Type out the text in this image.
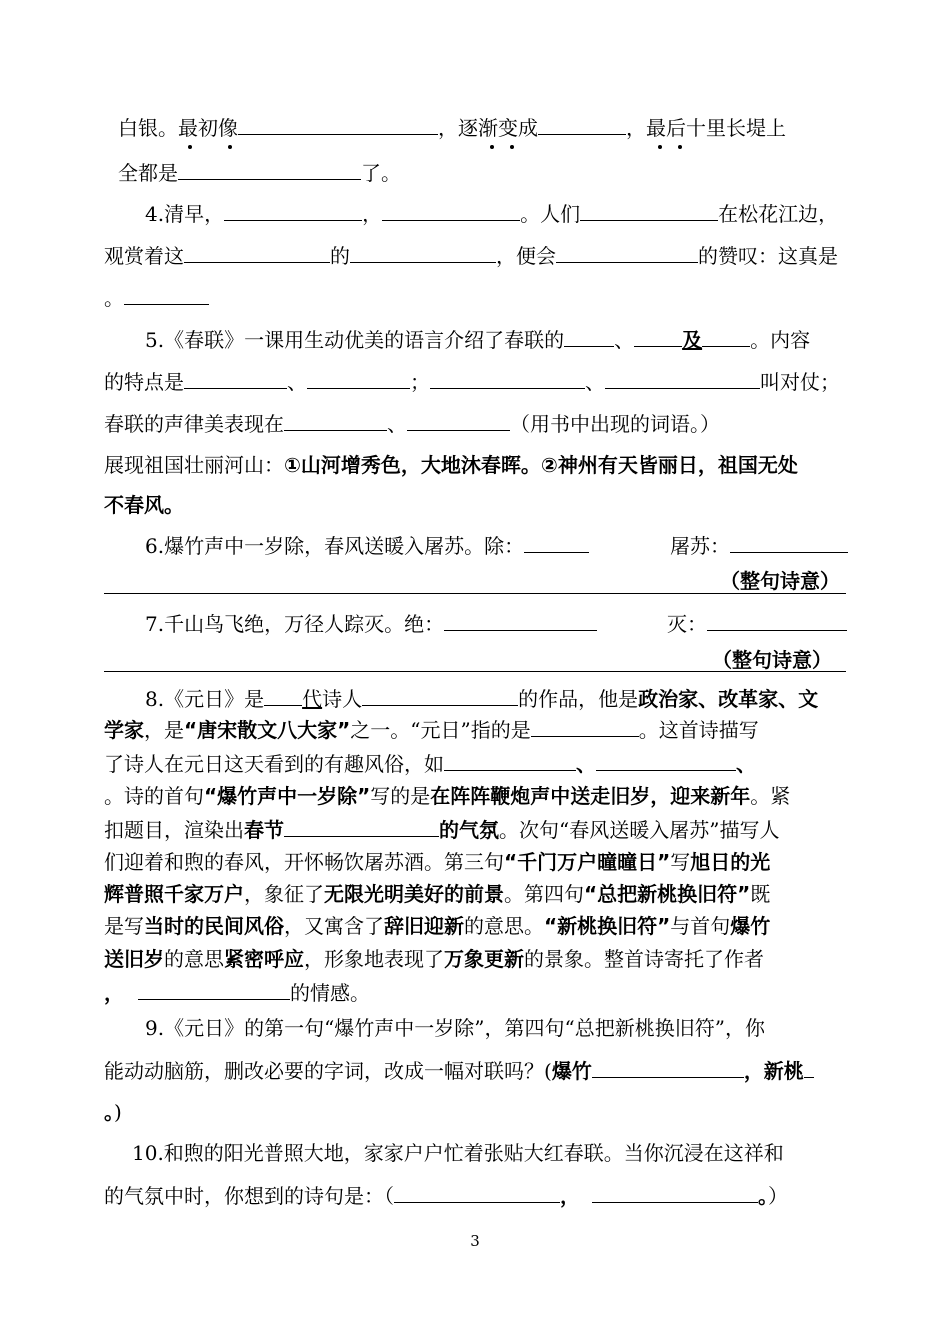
白银。最初像	，逐渐变成	，最后十里长堤上
全都是	了。
4.清早，	，	。人们	在松花江边，
观赏着这	的	，便会	的赞叹：这真是
。
5.《春联》一课用生动优美的语言介绍了春联的	、 及 。内容
的特点是	、	；	、	叫对仗；
春联的声律美表现在	、	（用书中出现的词语。）
展现祖国壮丽河山：①山河增秀色，大地沐春晖。②神州有天皆丽日，祖国无处
不春风。
6.爆竹声中一岁除，春风送暖入屠苏。除：	屠苏：
（整句诗意）
7.千山鸟飞绝，万径人踪灭。绝：	灭：
（整句诗意）
8.《元日》是 代诗人	的作品，他是政治家、改革家、文
学家，是“唐宋散文八大家”之一。“元日”指的是	。这首诗描写
了诗人在元日这天看到的有趣风俗，如	、	、
。诗的首句“爆竹声中一岁除”写的是在阵阵鞭炮声中送走旧岁，迎来新年。紧
扣题目，渲染出春节	的气氛。次句“春风送暖入屠苏”描写人
们迎着和煦的春风，开怀畅饮屠苏酒。第三句“千门万户曈曈日”写旭日的光
辉普照千家万户，象征了无限光明美好的前景。第四句“总把新桃换旧符”既
是写当时的民间风俗，又寓含了辞旧迎新的意思。“新桃换旧符”与首句爆竹
送旧岁的意思紧密呼应，形象地表现了万象更新的景象。整首诗寄托了作者
，	的情感。
9.《元日》的第一句“爆竹声中一岁除”，第四句“总把新桃换旧符”，你
能动动脑筋，删改必要的字词，改成一幅对联吗？(爆竹	，新桃
。)
10.和煦的阳光普照大地，家家户户忙着张贴大红春联。当你沉浸在这祥和
的气氛中时，你想到的诗句是：（	，	。）
3
